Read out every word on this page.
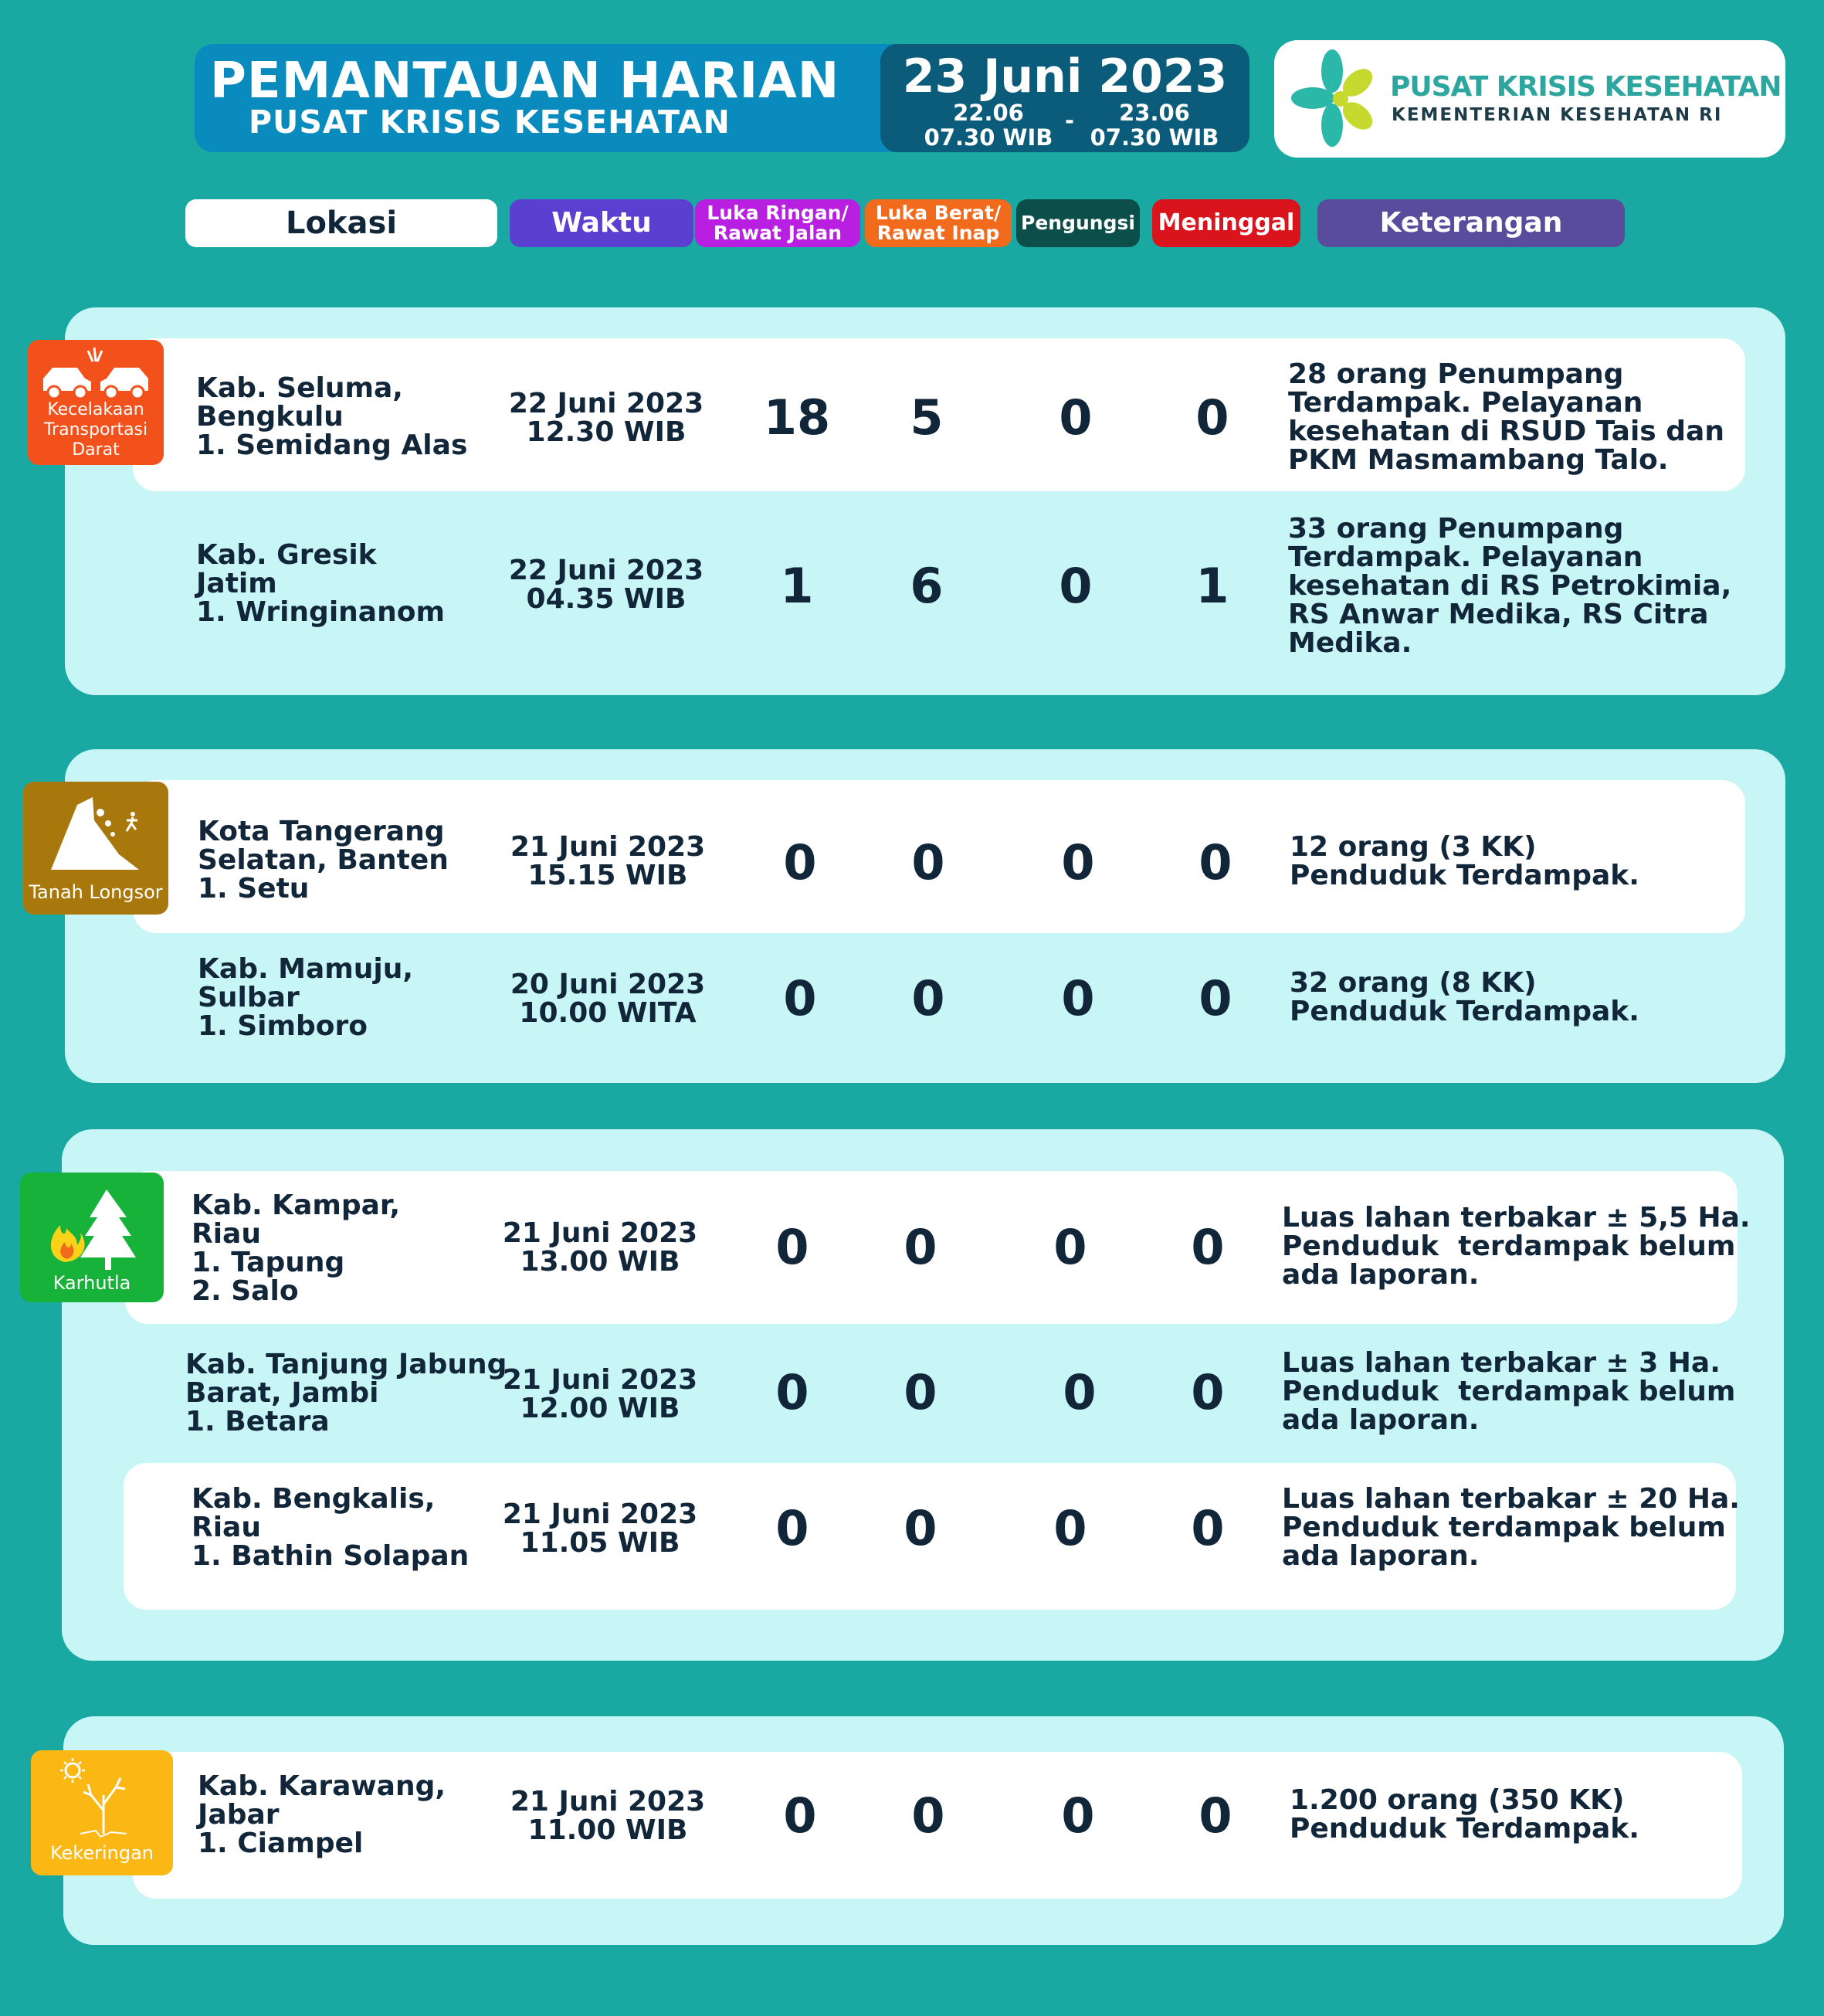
PEMANTAUAN HARIAN
PUSAT KRISIS KESEHATAN
23 Juni 2023
22.06
07.30 WIB
-	23.06
07.30 WIB
PUSAT KRISIS KESEHATAN
KEMENTERIAN KESEHATAN RI
Lokasi	Waktu	Luka Ringan/
Rawat Jalan
Luka Berat/
Rawat Inap	Pengungsi Meninggal	Keterangan
Kecelakaan
Transportasi
Darat
Kab. Seluma,
Bengkulu
1. Semidang Alas
22 Juni 2023
12.30 WIB	18	5	0	0
28 orang Penumpang
Terdampak. Pelayanan
kesehatan di RSUD Tais dan
PKM Masmambang Talo.
Kab. Gresik
Jatim
1. Wringinanom
22 Juni 2023
04.35 WIB	1	6	0	1
33 orang Penumpang
Terdampak. Pelayanan
kesehatan di RS Petrokimia,
RS Anwar Medika, RS Citra
Medika.
Tanah Longsor
Kota Tangerang
Selatan, Banten
1. Setu
21 Juni 2023
15.15 WIB	0	0	0	0	12 orang (3 KK)
Penduduk Terdampak.
Kab. Mamuju,
Sulbar
1. Simboro
20 Juni 2023
10.00 WITA	0	0	0	0	32 orang (8 KK)
Penduduk Terdampak.
Karhutla
Kab. Kampar,
Riau
1. Tapung
2. Salo
21 Juni 2023
13.00 WIB	0	0	0	0
Luas lahan terbakar ± 5,5 Ha.
Penduduk  terdampak belum
ada laporan.
Kab. Tanjung Jabung
Barat, Jambi
1. Betara
21 Juni 2023
12.00 WIB	0	0	0	0
Luas lahan terbakar ± 3 Ha.
Penduduk  terdampak belum
ada laporan.
Kab. Bengkalis,
Riau
1. Bathin Solapan
21 Juni 2023
11.05 WIB	0	0	0	0
Luas lahan terbakar ± 20 Ha.
Penduduk terdampak belum
ada laporan.
Kekeringan
Kab. Karawang,
Jabar
1. Ciampel
21 Juni 2023
11.00 WIB	0	0	0	0	1.200 orang (350 KK)
Penduduk Terdampak.
